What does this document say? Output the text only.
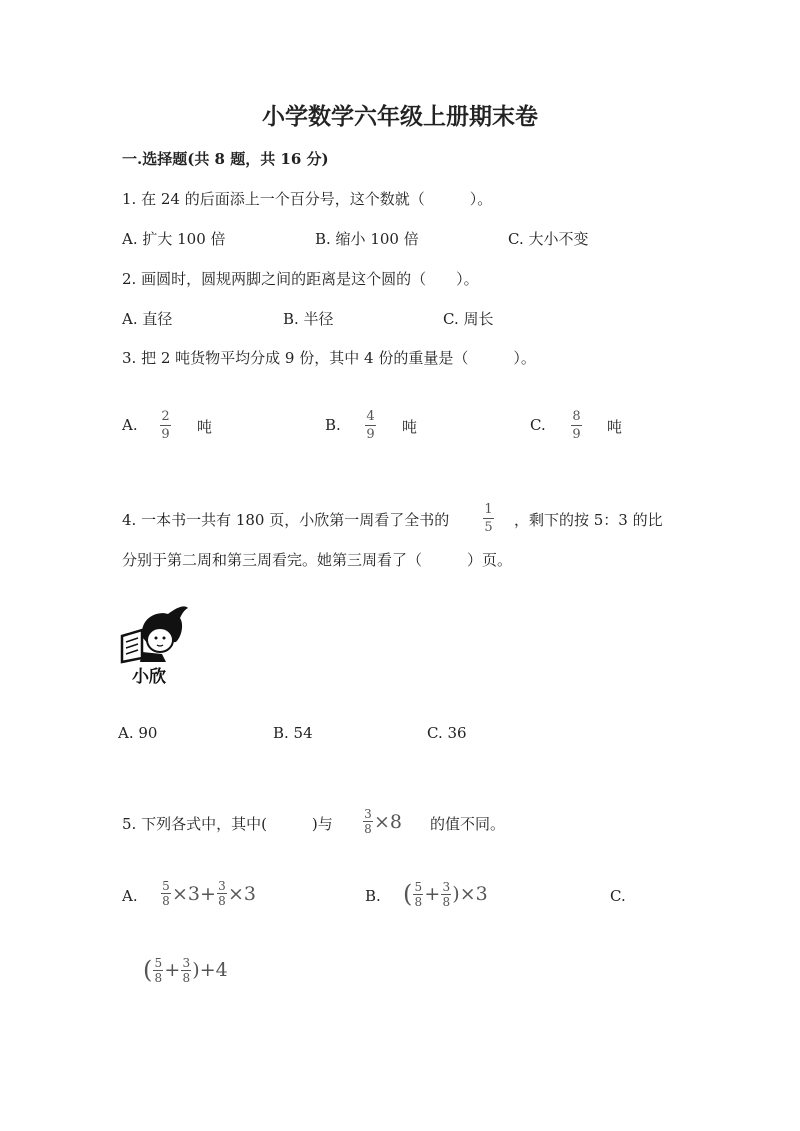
小学数学六年级上册期末卷
一.选择题(共 8 题，共 16 分)
1. 在 24 的后面添上一个百分号，这个数就（　　　）。
A. 扩大 100 倍	B. 缩小 100 倍	C. 大小不变
2. 画圆时，圆规两脚之间的距离是这个圆的（　　）。
A. 直径	B. 半径	C. 周长
3. 把 2 吨货物平均分成 9 份，其中 4 份的重量是（　　　）。
A. 2
9 吨	B. 4
9 吨	C. 8
9 吨
4. 一本书一共有 180 页，小欣第一周看了全书的
1
5 ，剩下的按 5：3 的比
分别于第二周和第三周看完。她第三周看了（　　　）页。
小欣
A. 90	B. 54	C. 36
5. 下列各式中，其中(　　　)与
3
8 ×8 的值不同。
A.
5
8 ×3+ 3
8 ×3	B. ( 5
8 + 3
8 )×3	C.
( 5
8 + 3
8 )+4
